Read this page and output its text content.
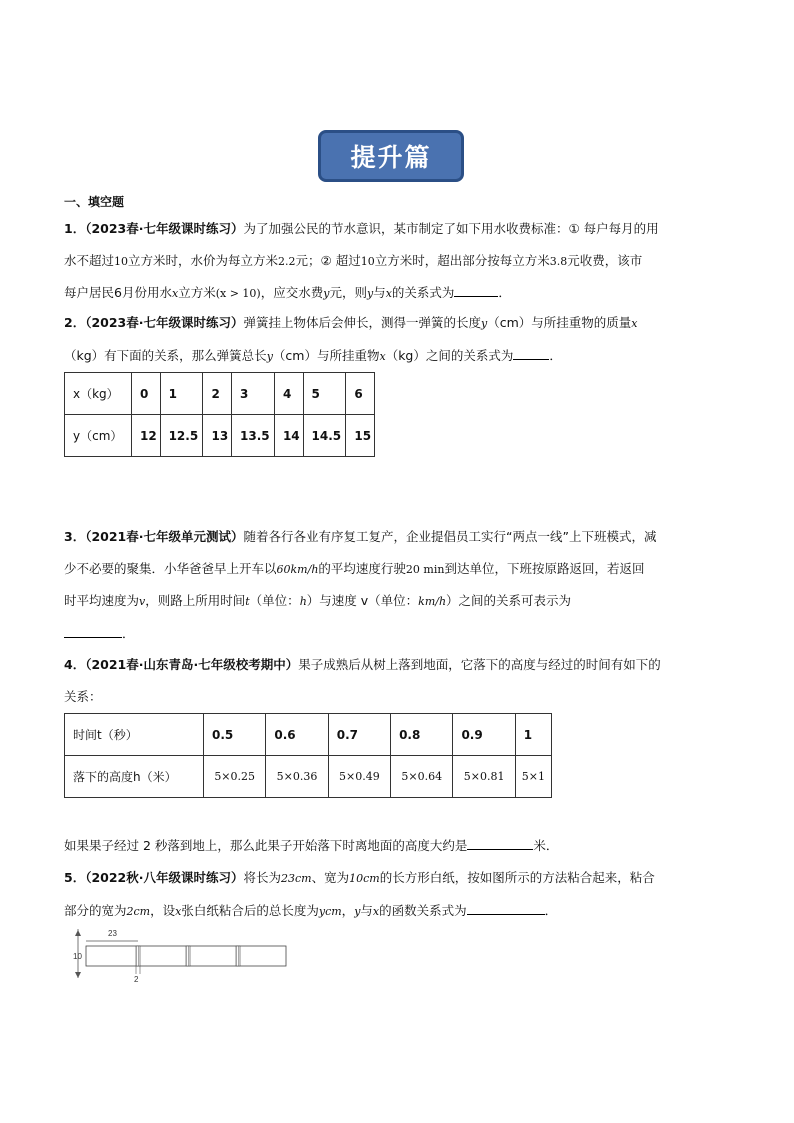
提升篇
一、填空题
1．（2023春·七年级课时练习）为了加强公民的节水意识，某市制定了如下用水收费标准：① 每户每月的用
水不超过10立方米时，水价为每立方米2.2元；② 超过10立方米时，超出部分按每立方米3.8元收费，该市
每户居民6月份用水x立方米(x > 10)，应交水费y元，则y与x的关系式为	．
2．（2023春·七年级课时练习）弹簧挂上物体后会伸长，测得一弹簧的长度y（cm）与所挂重物的质量x
（kg）有下面的关系，那么弹簧总长y（cm）与所挂重物x（kg）之间的关系式为	．
x（kg）	0	1	2	3	4	5	6
y（cm）	12	12.5	13	13.5	14	14.5	15
3．（2021春·七年级单元测试）随着各行各业有序复工复产，企业提倡员工实行“两点一线”上下班模式，减
少不必要的聚集．小华爸爸早上开车以60km/h的平均速度行驶20 min到达单位，下班按原路返回，若返回
时平均速度为v，则路上所用时间t（单位：h）与速度 v（单位：km/h）之间的关系可表示为
．
4．（2021春·山东青岛·七年级校考期中）果子成熟后从树上落到地面，它落下的高度与经过的时间有如下的
关系：
时间t（秒）	0.5	0.6	0.7	0.8	0.9	1
落下的高度h（米）	5×0.25	5×0.36	5×0.49	5×0.64	5×0.81	5×1
如果果子经过 2 秒落到地上，那么此果子开始落下时离地面的高度大约是	米．
5．（2022秋·八年级课时练习）将长为23cm、宽为10cm的长方形白纸，按如图所示的方法粘合起来，粘合
部分的宽为2cm，设x张白纸粘合后的总长度为ycm，y与x的函数关系式为	．
10
23
2
